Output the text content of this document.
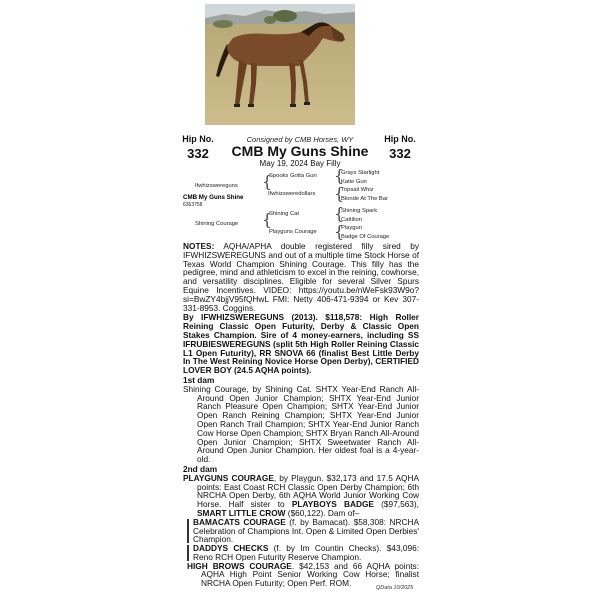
Hip No.
332
Consigned by CMB Horses, WY	Hip No.
332
CMB My Guns Shine
May 19, 2024 Bay Filly
Ifwhizswereguns {
Spooks Gotta Gun
Ifwhizsweredollars
{
Grays Starlight
Katie Gun
{
Topsail Whiz
Blonde At The Bar
CMB My Guns Shine
6363758
Shining Courage {
Shining Cat
Playguns Courage
{
Shining Spark
Cattilion
{
Playgun
Badge Of Courage

NOTES: AQHA/APHA double registered filly sired by IFWHIZSWEREGUNS and out of a multiple time Stock Horse of Texas World Champion Shining Courage. This filly has the pedigree, mind and athleticism to excel in the reining, cowhorse, and versatility disciplines. Eligible for several Silver Spurs Equine Incentives. VIDEO: https://youtu.be/nWeFsk93W9o?si=BwZY4bjjV95fQHwL FMI: Netty 406-471-9394 or Kev 307-331-8953. Coggins.

By IFWHIZSWEREGUNS (2013). $118,578: High Roller Reining Classic Open Futurity, Derby & Classic Open Stakes Champion. Sire of 4 money-earners, including SS IFRUBIESWEREGUNS (split 5th High Roller Reining Classic L1 Open Futurity), RR SNOVA 66 (finalist Best Little Derby In The West Reining Novice Horse Open Derby), CERTIFIED LOVER BOY (24.5 AQHA points).

1st dam

Shining Courage, by Shining Cat. SHTX Year-End Ranch All-Around Open Junior Champion; SHTX Year-End Junior Ranch Pleasure Open Champion; SHTX Year-End Junior Open Ranch Reining Champion; SHTX Year-End Junior Open Ranch Trail Champion; SHTX Year-End Junior Ranch Cow Horse Open Champion; SHTX Bryan Ranch All-Around Open Junior Champion; SHTX Sweetwater Ranch All-Around Open Junior Champion. Her oldest foal is a 4-year-old.

2nd dam

PLAYGUNS COURAGE, by Playgun. $32,173 and 17.5 AQHA points: East Coast RCH Classic Open Derby Champion; 6th NRCHA Open Derby, 6th AQHA World Junior Working Cow Horse. Half sister to PLAYBOYS BADGE ($97,563), SMART LITTLE CROW ($60,122). Dam of–

BAMACATS COURAGE (f. by Bamacat). $58,308: NRCHA Celebration of Champions Int. Open & Limited Open Derbies' Champion.

DADDYS CHECKS (f. by Im Countin Checks). $43,096: Reno RCH Open Futurity Reserve Champion.

HIGH BROWS COURAGE. $42,153 and 66 AQHA points: AQHA High Point Senior Working Cow Horse; finalist NRCHA Open Futurity; Open Perf. ROM.	QData 10/2025
